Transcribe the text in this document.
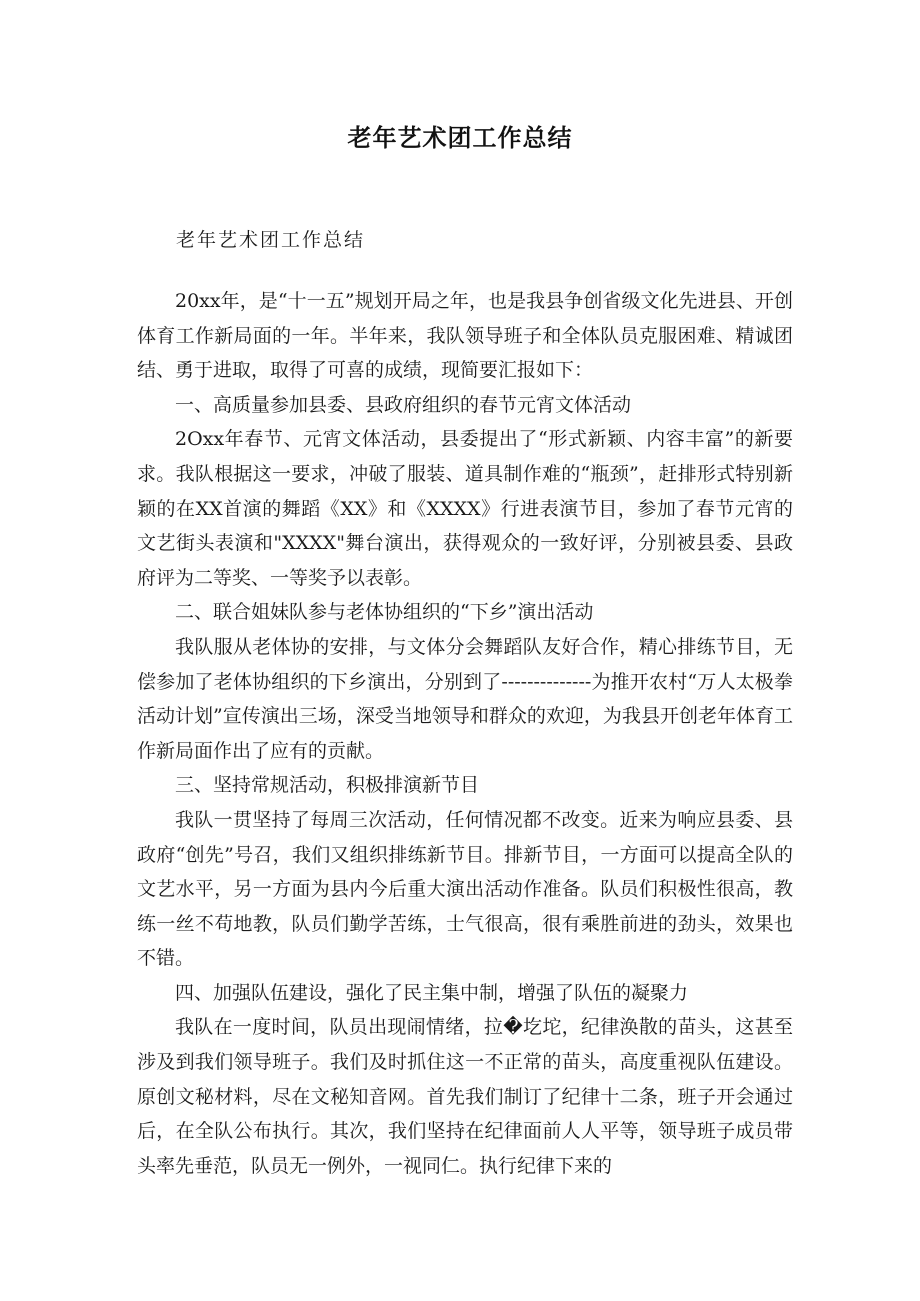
老年艺术团工作总结
老年艺术团工作总结

20xx年，是“十一五”规划开局之年，也是我县争创省级文化先进县、开创体育工作新局面的一年。半年来，我队领导班子和全体队员克服困难、精诚团结、勇于进取，取得了可喜的成绩，现简要汇报如下：

一、高质量参加县委、县政府组织的春节元宵文体活动

2Oxx年春节、元宵文体活动，县委提出了“形式新颖、内容丰富”的新要求。我队根据这一要求，冲破了服装、道具制作难的“瓶颈”，赶排形式特别新颖的在XX首演的舞蹈《XX》和《XXXX》行进表演节目，参加了春节元宵的文艺街头表演和"XXXX"舞台演出，获得观众的一致好评，分别被县委、县政府评为二等奖、一等奖予以表彰。

二、联合姐妹队参与老体协组织的“下乡”演出活动

我队服从老体协的安排，与文体分会舞蹈队友好合作，精心排练节目，无偿参加了老体协组织的下乡演出，分别到了--------------为推开农村“万人太极拳活动计划”宣传演出三场，深受当地领导和群众的欢迎，为我县开创老年体育工作新局面作出了应有的贡献。

三、坚持常规活动，积极排演新节目

我队一贯坚持了每周三次活动，任何情况都不改变。近来为响应县委、县政府“创先”号召，我们又组织排练新节目。排新节目，一方面可以提高全队的文艺水平，另一方面为县内今后重大演出活动作准备。队员们积极性很高，教练一丝不苟地教，队员们勤学苦练，士气很高，很有乘胜前进的劲头，效果也不错。

四、加强队伍建设，强化了民主集中制，增强了队伍的凝聚力

我队在一度时间，队员出现闹情绪，拉�圪坨，纪律涣散的苗头，这甚至涉及到我们领导班子。我们及时抓住这一不正常的苗头，高度重视队伍建设。原创文秘材料，尽在文秘知音网。首先我们制订了纪律十二条，班子开会通过后，在全队公布执行。其次，我们坚持在纪律面前人人平等，领导班子成员带头率先垂范，队员无一例外，一视同仁。执行纪律下来的
